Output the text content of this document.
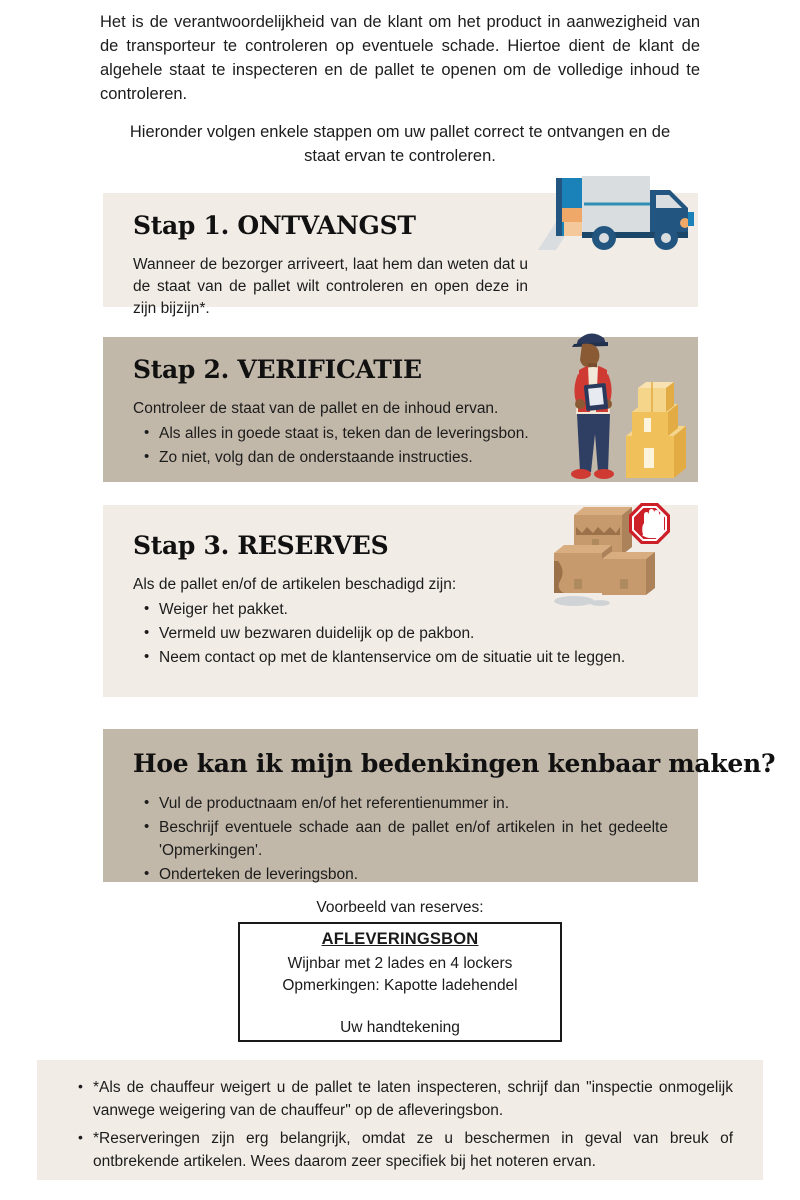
Het is de verantwoordelijkheid van de klant om het product in aanwezigheid van de transporteur te controleren op eventuele schade. Hiertoe dient de klant de algehele staat te inspecteren en de pallet te openen om de volledige inhoud te controleren.

Hieronder volgen enkele stappen om uw pallet correct te ontvangen en de staat ervan te controleren.

Stap 1. ONTVANGST

Wanneer de bezorger arriveert, laat hem dan weten dat u de staat van de pallet wilt controleren en open deze in zijn bijzijn*.

Stap 2. VERIFICATIE

Controleer de staat van de pallet en de inhoud ervan.

• Als alles in goede staat is, teken dan de leveringsbon.
• Zo niet, volg dan de onderstaande instructies.
Stap 3. RESERVES

Als de pallet en/of de artikelen beschadigd zijn:

• Weiger het pakket.
• Vermeld uw bezwaren duidelijk op de pakbon.
• Neem contact op met de klantenservice om de situatie uit te leggen.
Hoe kan ik mijn bedenkingen kenbaar maken?
• Vul de productnaam en/of het referentienummer in.
• Beschrijf eventuele schade aan de pallet en/of artikelen in het gedeelte 'Opmerkingen'.
• Onderteken de leveringsbon.
Voorbeeld van reserves:

AFLEVERINGSBON

Wijnbar met 2 lades en 4 lockers

Opmerkingen: Kapotte ladehendel

Uw handtekening

• *Als de chauffeur weigert u de pallet te laten inspecteren, schrijf dan "inspectie onmogelijk vanwege weigering van de chauffeur" op de afleveringsbon.
• *Reserveringen zijn erg belangrijk, omdat ze u beschermen in geval van breuk of ontbrekende artikelen. Wees daarom zeer specifiek bij het noteren ervan.
